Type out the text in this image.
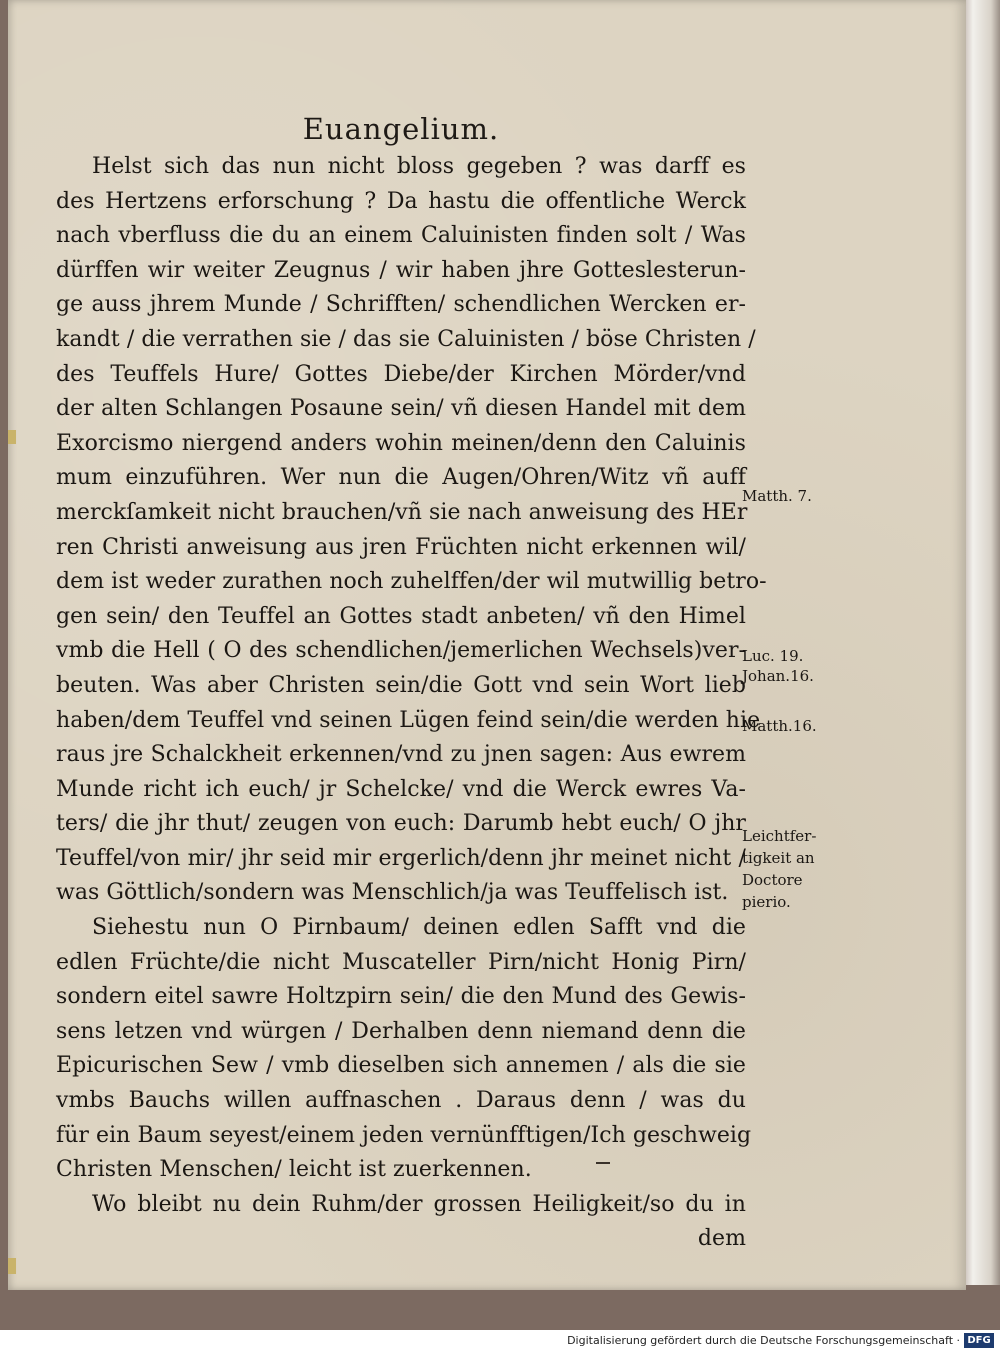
Euangelium.
Helst sich das nun nicht bloss gegeben ? was darff es
des Hertzens erforschung ? Da hastu die offentliche Werck
nach vberfluss die du an einem Caluinisten finden solt / Was
dürffen wir weiter Zeugnus / wir haben jhre Gotteslesterun-
ge auss jhrem Munde / Schrifften/ schendlichen Wercken er-
kandt / die verrathen sie / das sie Caluinisten / böse Christen /
des Teuffels Hure/ Gottes Diebe/der Kirchen Mörder/vnd
der alten Schlangen Posaune sein/ vñ diesen Handel mit dem
Exorcismo niergend anders wohin meinen/denn den Caluinis
mum einzuführen. Wer nun die Augen/Ohren/Witz vñ auff
merckſamkeit nicht brauchen/vñ sie nach anweisung des HEr
ren Christi anweisung aus jren Früchten nicht erkennen wil/
dem ist weder zurathen noch zuhelffen/der wil mutwillig betro-
gen sein/ den Teuffel an Gottes stadt anbeten/ vñ den Himel
vmb die Hell ( O des schendlichen/jemerlichen Wechsels)ver-
beuten. Was aber Christen sein/die Gott vnd sein Wort lieb
haben/dem Teuffel vnd seinen Lügen feind sein/die werden hie
raus jre Schalckheit erkennen/vnd zu jnen sagen: Aus ewrem
Munde richt ich euch/ jr Schelcke/ vnd die Werck ewres Va-
ters/ die jhr thut/ zeugen von euch: Darumb hebt euch/ O jhr
Teuffel/von mir/ jhr seid mir ergerlich/denn jhr meinet nicht /
was Göttlich/sondern was Menschlich/ja was Teuffelisch ist.
Siehestu nun O Pirnbaum/ deinen edlen Safft vnd die
edlen Früchte/die nicht Muscateller Pirn/nicht Honig Pirn/
sondern eitel sawre Holtzpirn sein/ die den Mund des Gewis-
sens letzen vnd würgen / Derhalben denn niemand denn die
Epicurischen Sew / vmb dieselben sich annemen / als die sie
vmbs Bauchs willen auffnaschen . Daraus denn / was du
für ein Baum seyest/einem jeden vernünfftigen/Ich geschweig
Christen Menschen/ leicht ist zuerkennen.
Wo bleibt nu dein Ruhm/der grossen Heiligkeit/so du in
dem
Matth. 7.
Luc. 19.
Johan.16.
Matth.16.
Leichtfer-
tigkeit an
Doctore
pierio.
Digitalisierung gefördert durch die Deutsche Forschungsgemeinschaft · DFG
